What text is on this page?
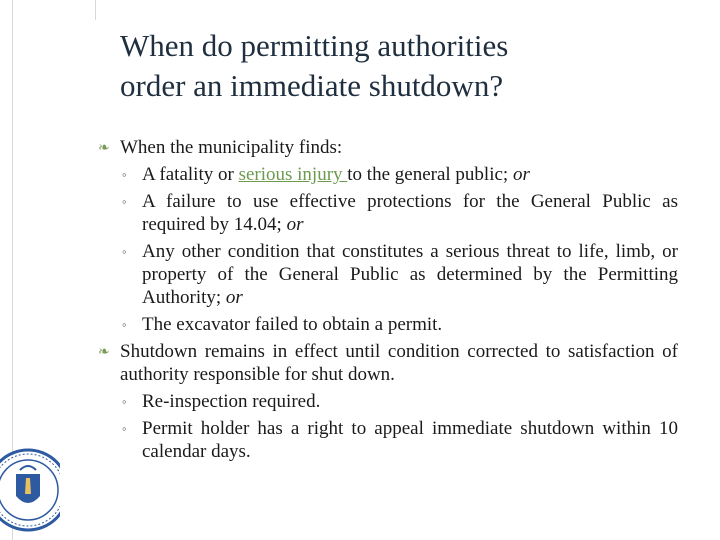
When do permitting authorities
order an immediate shutdown?

❧ When the municipality finds:

◦ A fatality or serious injury to the general public; or

◦ A failure to use effective protections for the General Public as required by 14.04; or

◦ Any other condition that constitutes a serious threat to life, limb, or property of the General Public as determined by the Permitting Authority; or

◦ The excavator failed to obtain a permit.

❧ Shutdown remains in effect until condition corrected to satisfaction of authority responsible for shut down.

◦ Re-inspection required.

◦ Permit holder has a right to appeal immediate shutdown within 10 calendar days.
